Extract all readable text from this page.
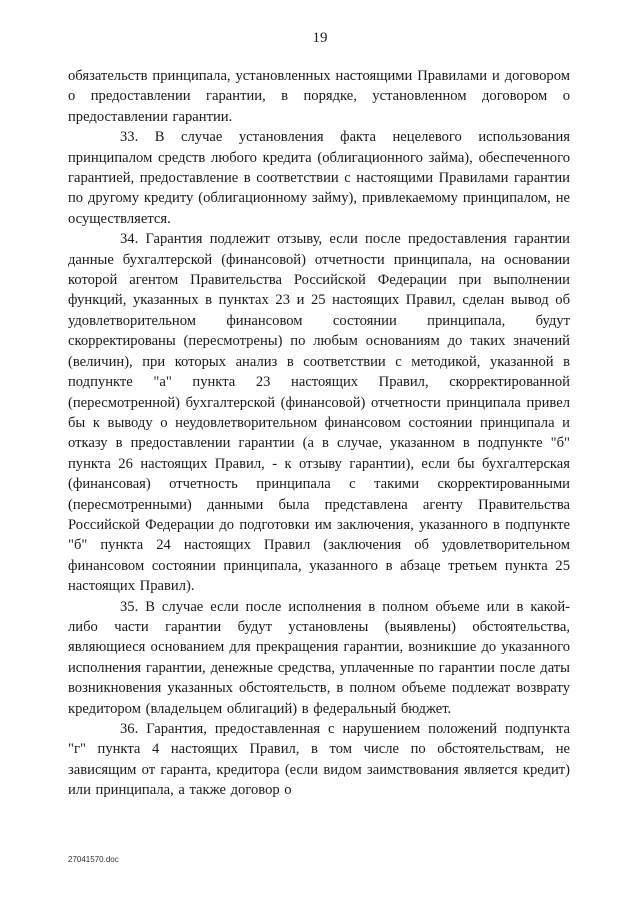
19

обязательств принципала, установленных настоящими Правилами и договором о предоставлении гарантии, в порядке, установленном договором о предоставлении гарантии.

33. В случае установления факта нецелевого использования принципалом средств любого кредита (облигационного займа), обеспеченного гарантией, предоставление в соответствии с настоящими Правилами гарантии по другому кредиту (облигационному займу), привлекаемому принципалом, не осуществляется.

34. Гарантия подлежит отзыву, если после предоставления гарантии данные бухгалтерской (финансовой) отчетности принципала, на основании которой агентом Правительства Российской Федерации при выполнении функций, указанных в пунктах 23 и 25 настоящих Правил, сделан вывод об удовлетворительном финансовом состоянии принципала, будут скорректированы (пересмотрены) по любым основаниям до таких значений (величин), при которых анализ в соответствии с методикой, указанной в подпункте "а" пункта 23 настоящих Правил, скорректированной (пересмотренной) бухгалтерской (финансовой) отчетности принципала привел бы к выводу о неудовлетворительном финансовом состоянии принципала и отказу в предоставлении гарантии (а в случае, указанном в подпункте "б" пункта 26 настоящих Правил, - к отзыву гарантии), если бы бухгалтерская (финансовая) отчетность принципала с такими скорректированными (пересмотренными) данными была представлена агенту Правительства Российской Федерации до подготовки им заключения, указанного в подпункте "б" пункта 24 настоящих Правил (заключения об удовлетворительном финансовом состоянии принципала, указанного в абзаце третьем пункта 25 настоящих Правил).

35. В случае если после исполнения в полном объеме или в какой-либо части гарантии будут установлены (выявлены) обстоятельства, являющиеся основанием для прекращения гарантии, возникшие до указанного исполнения гарантии, денежные средства, уплаченные по гарантии после даты возникновения указанных обстоятельств, в полном объеме подлежат возврату кредитором (владельцем облигаций) в федеральный бюджет.

36. Гарантия, предоставленная с нарушением положений подпункта "г" пункта 4 настоящих Правил, в том числе по обстоятельствам, не зависящим от гаранта, кредитора (если видом заимствования является кредит) или принципала, а также договор о

27041570.doc
